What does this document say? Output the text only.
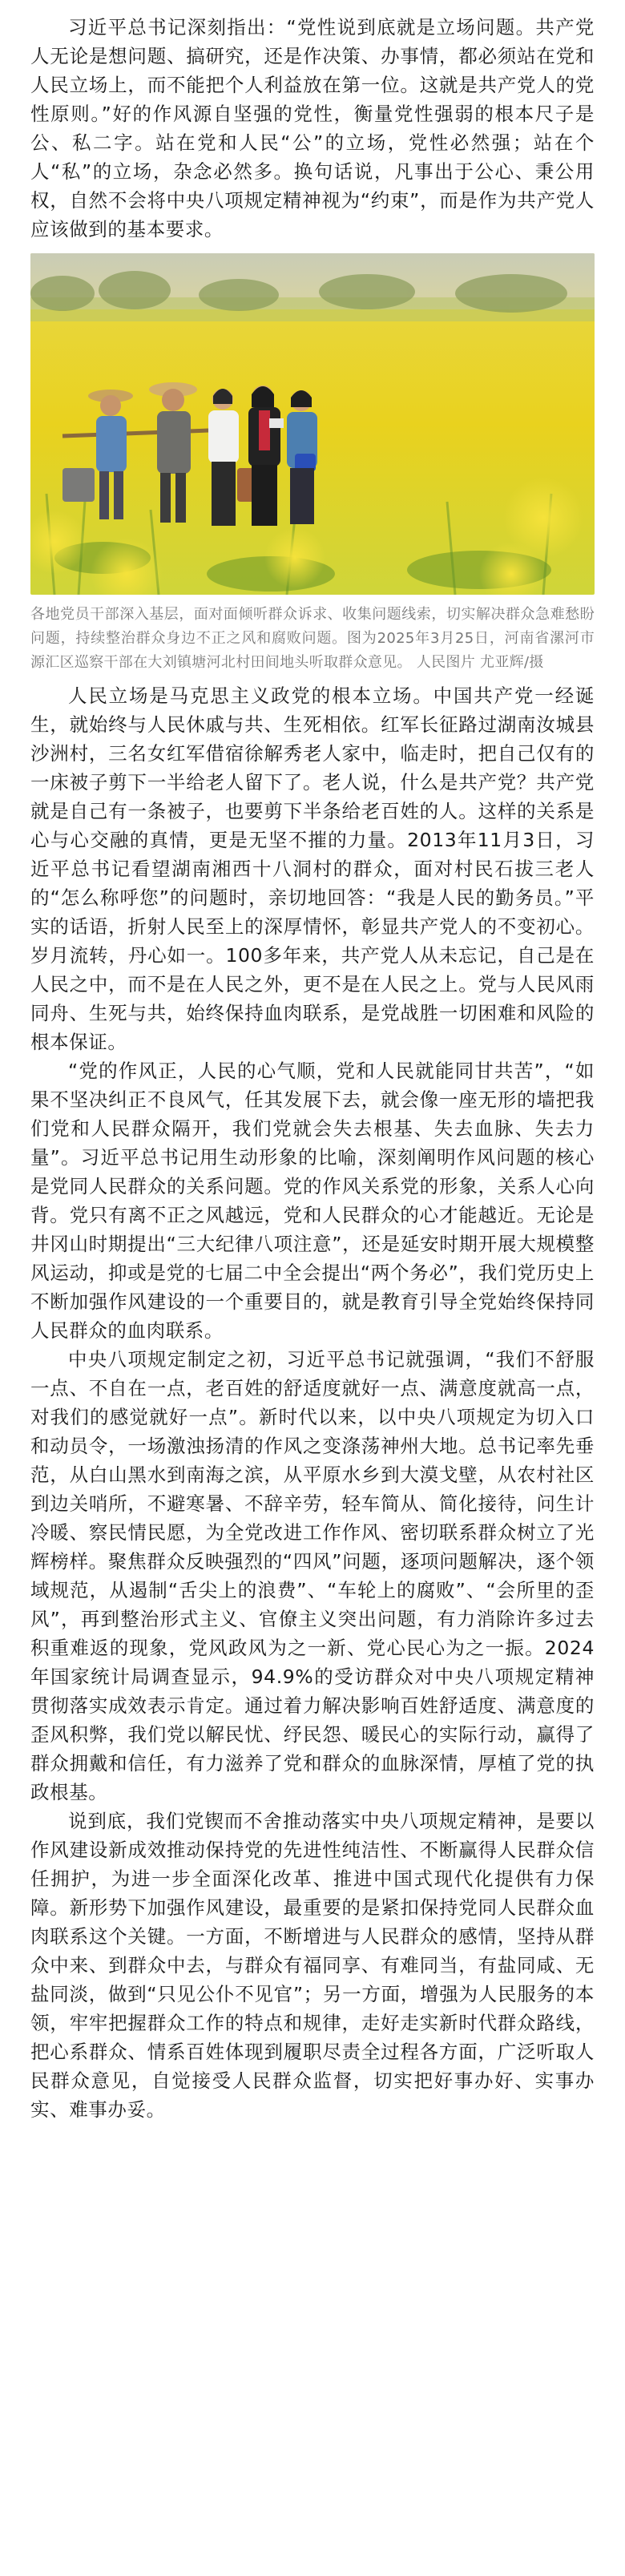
习近平总书记深刻指出：“党性说到底就是立场问题。共产党人无论是想问题、搞研究，还是作决策、办事情，都必须站在党和人民立场上，而不能把个人利益放在第一位。这就是共产党人的党性原则。”好的作风源自坚强的党性，衡量党性强弱的根本尺子是公、私二字。站在党和人民“公”的立场，党性必然强；站在个人“私”的立场，杂念必然多。换句话说，凡事出于公心、秉公用权，自然不会将中央八项规定精神视为“约束”，而是作为共产党人应该做到的基本要求。

各地党员干部深入基层，面对面倾听群众诉求、收集问题线索，切实解决群众急难愁盼问题，持续整治群众身边不正之风和腐败问题。图为2025年3月25日，河南省漯河市源汇区巡察干部在大刘镇塘河北村田间地头听取群众意见。 人民图片 尤亚辉/摄

人民立场是马克思主义政党的根本立场。中国共产党一经诞生，就始终与人民休戚与共、生死相依。红军长征路过湖南汝城县沙洲村，三名女红军借宿徐解秀老人家中，临走时，把自己仅有的一床被子剪下一半给老人留下了。老人说，什么是共产党？共产党就是自己有一条被子，也要剪下半条给老百姓的人。这样的关系是心与心交融的真情，更是无坚不摧的力量。2013年11月3日，习近平总书记看望湖南湘西十八洞村的群众，面对村民石拔三老人的“怎么称呼您”的问题时，亲切地回答：“我是人民的勤务员。”平实的话语，折射人民至上的深厚情怀，彰显共产党人的不变初心。岁月流转，丹心如一。100多年来，共产党人从未忘记，自己是在人民之中，而不是在人民之外，更不是在人民之上。党与人民风雨同舟、生死与共，始终保持血肉联系，是党战胜一切困难和风险的根本保证。

“党的作风正，人民的心气顺，党和人民就能同甘共苦”，“如果不坚决纠正不良风气，任其发展下去，就会像一座无形的墙把我们党和人民群众隔开，我们党就会失去根基、失去血脉、失去力量”。习近平总书记用生动形象的比喻，深刻阐明作风问题的核心是党同人民群众的关系问题。党的作风关系党的形象，关系人心向背。党只有离不正之风越远，党和人民群众的心才能越近。无论是井冈山时期提出“三大纪律八项注意”，还是延安时期开展大规模整风运动，抑或是党的七届二中全会提出“两个务必”，我们党历史上不断加强作风建设的一个重要目的，就是教育引导全党始终保持同人民群众的血肉联系。

中央八项规定制定之初，习近平总书记就强调，“我们不舒服一点、不自在一点，老百姓的舒适度就好一点、满意度就高一点，对我们的感觉就好一点”。新时代以来，以中央八项规定为切入口和动员令，一场激浊扬清的作风之变涤荡神州大地。总书记率先垂范，从白山黑水到南海之滨，从平原水乡到大漠戈壁，从农村社区到边关哨所，不避寒暑、不辞辛劳，轻车简从、简化接待，问生计冷暖、察民情民愿，为全党改进工作作风、密切联系群众树立了光辉榜样。聚焦群众反映强烈的“四风”问题，逐项问题解决，逐个领域规范，从遏制“舌尖上的浪费”、“车轮上的腐败”、“会所里的歪风”，再到整治形式主义、官僚主义突出问题，有力消除许多过去积重难返的现象，党风政风为之一新、党心民心为之一振。2024年国家统计局调查显示，94.9%的受访群众对中央八项规定精神贯彻落实成效表示肯定。通过着力解决影响百姓舒适度、满意度的歪风积弊，我们党以解民忧、纾民怨、暖民心的实际行动，赢得了群众拥戴和信任，有力滋养了党和群众的血脉深情，厚植了党的执政根基。

说到底，我们党锲而不舍推动落实中央八项规定精神，是要以作风建设新成效推动保持党的先进性纯洁性、不断赢得人民群众信任拥护，为进一步全面深化改革、推进中国式现代化提供有力保障。新形势下加强作风建设，最重要的是紧扣保持党同人民群众血肉联系这个关键。一方面，不断增进与人民群众的感情，坚持从群众中来、到群众中去，与群众有福同享、有难同当，有盐同咸、无盐同淡，做到“只见公仆不见官”；另一方面，增强为人民服务的本领，牢牢把握群众工作的特点和规律，走好走实新时代群众路线，把心系群众、情系百姓体现到履职尽责全过程各方面，广泛听取人民群众意见，自觉接受人民群众监督，切实把好事办好、实事办实、难事办妥。
